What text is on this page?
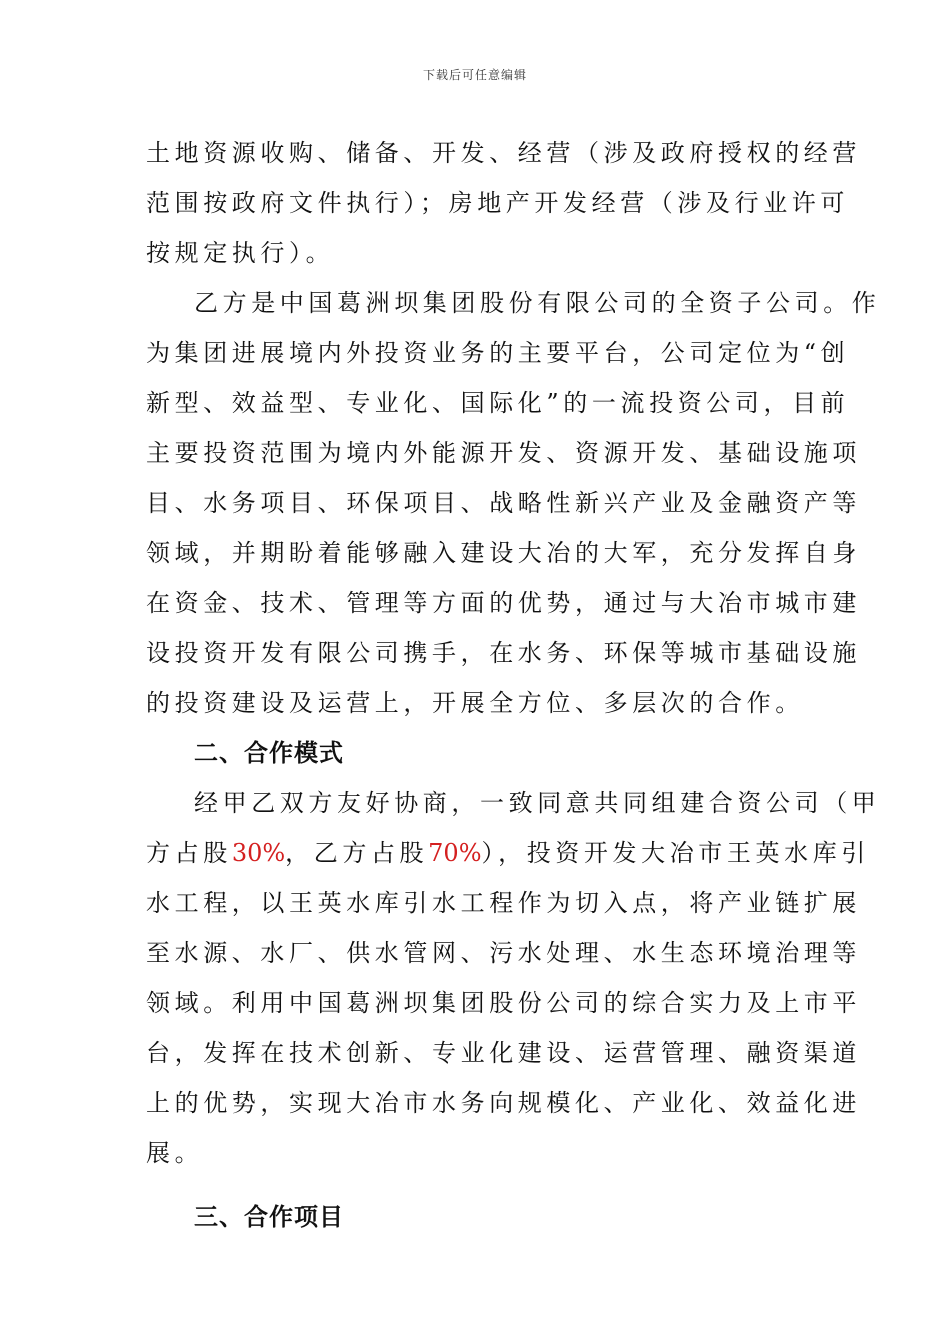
下载后可任意编辑
土地资源收购、储备、开发、经营（涉及政府授权的经营
范围按政府文件执行）；房地产开发经营（涉及行业许可
按规定执行）。
乙方是中国葛洲坝集团股份有限公司的全资子公司。作
为集团进展境内外投资业务的主要平台，公司定位为“创
新型、效益型、专业化、国际化”的一流投资公司，目前
主要投资范围为境内外能源开发、资源开发、基础设施项
目、水务项目、环保项目、战略性新兴产业及金融资产等
领域，并期盼着能够融入建设大冶的大军，充分发挥自身
在资金、技术、管理等方面的优势，通过与大冶市城市建
设投资开发有限公司携手，在水务、环保等城市基础设施
的投资建设及运营上，开展全方位、多层次的合作。
二、合作模式
经甲乙双方友好协商，一致同意共同组建合资公司（甲
方占股30%，乙方占股70%），投资开发大冶市王英水库引
水工程，以王英水库引水工程作为切入点，将产业链扩展
至水源、水厂、供水管网、污水处理、水生态环境治理等
领域。利用中国葛洲坝集团股份公司的综合实力及上市平
台，发挥在技术创新、专业化建设、运营管理、融资渠道
上的优势，实现大冶市水务向规模化、产业化、效益化进
展。
三、合作项目
